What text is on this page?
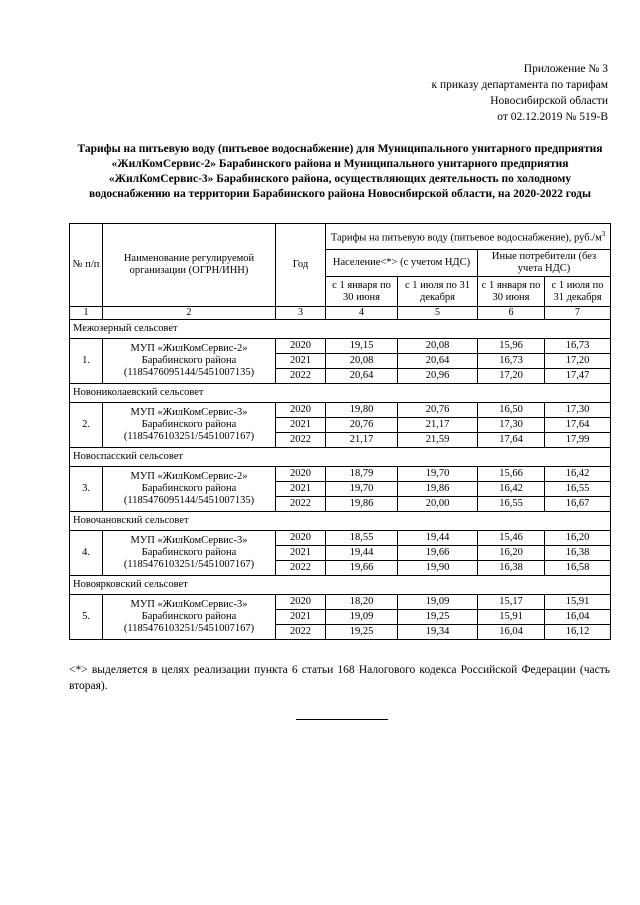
Приложение № 3
к приказу департамента по тарифам
Новосибирской области
от 02.12.2019 № 519-В
Тарифы на питьевую воду (питьевое водоснабжение) для Муниципального унитарного предприятия «ЖилКомСервис-2» Барабинского района и Муниципального унитарного предприятия «ЖилКомСервис-3» Барабинского района, осуществляющих деятельность по холодному водоснабжению на территории Барабинского района Новосибирской области, на 2020-2022 годы
№ п/п	Наименование регулируемой организации (ОГРН/ИНН)	Год	Тарифы на питьевую воду (питьевое водоснабжение), $руб./м^3$
			Население<*> (с учетом НДС)		Иные потребители (без учета НДС)	
			с 1 января по 30 июня	с 1 июля по 31 декабря	с 1 января по 30 июня	с 1 июля по 31 декабря
1	2	3	4	5	6	7
Межозерный сельсовет						
1.	МУП «ЖилКомСервис-2» Барабинского района (1185476095144/5451007135)	2020	19,15	20,08	15,96	16,73
		2021	20,08	20,64	16,73	17,20
		2022	20,64	20,96	17,20	17,47
Новониколаевский сельсовет						
2.	МУП «ЖилКомСервис-3» Барабинского района (1185476103251/5451007167)	2020	19,80	20,76	16,50	17,30
		2021	20,76	21,17	17,30	17,64
		2022	21,17	21,59	17,64	17,99
Новоспасский сельсовет						
3.	МУП «ЖилКомСервис-2» Барабинского района (1185476095144/5451007135)	2020	18,79	19,70	15,66	16,42
		2021	19,70	19,86	16,42	16,55
		2022	19,86	20,00	16,55	16,67
Новочановский сельсовет						
4.	МУП «ЖилКомСервис-3» Барабинского района (1185476103251/5451007167)	2020	18,55	19,44	15,46	16,20
		2021	19,44	19,66	16,20	16,38
		2022	19,66	19,90	16,38	16,58
Новоярковский сельсовет						
5.	МУП «ЖилКомСервис-3» Барабинского района (1185476103251/5451007167)	2020	18,20	19,09	15,17	15,91
		2021	19,09	19,25	15,91	16,04
		2022	19,25	19,34	16,04	16,12
<*> выделяется в целях реализации пункта 6 статьи 168 Налогового кодекса Российской Федерации (часть вторая).
